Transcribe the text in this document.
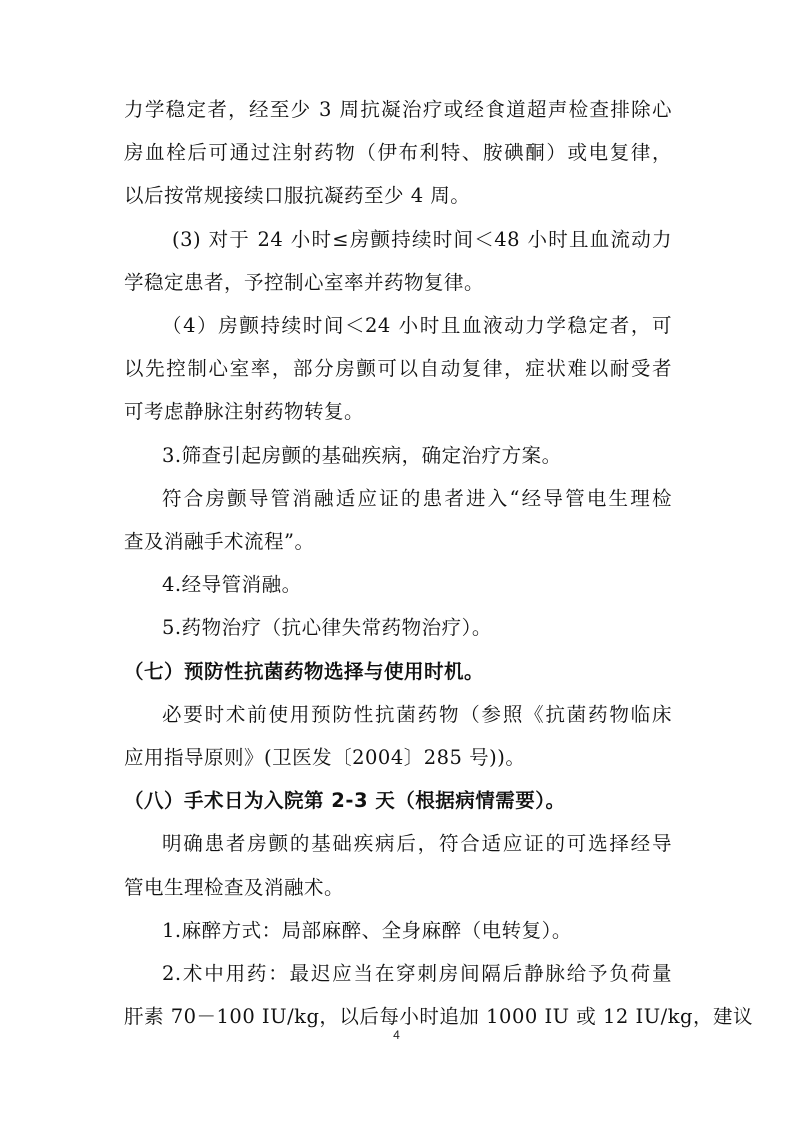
力学稳定者，经至少 3 周抗凝治疗或经食道超声检查排除心
房血栓后可通过注射药物（伊布利特、胺碘酮）或电复律，
以后按常规接续口服抗凝药至少 4 周。
(3) 对于 24 小时≤房颤持续时间＜48 小时且血流动力
学稳定患者，予控制心室率并药物复律。
（4）房颤持续时间＜24 小时且血液动力学稳定者，可
以先控制心室率，部分房颤可以自动复律，症状难以耐受者
可考虑静脉注射药物转复。
3.筛查引起房颤的基础疾病，确定治疗方案。
符合房颤导管消融适应证的患者进入“经导管电生理检
查及消融手术流程”。
4.经导管消融。
5.药物治疗（抗心律失常药物治疗）。
（七）预防性抗菌药物选择与使用时机。
必要时术前使用预防性抗菌药物（参照《抗菌药物临床
应用指导原则》(卫医发〔2004〕285 号))。
（八）手术日为入院第 2-3 天（根据病情需要）。
明确患者房颤的基础疾病后，符合适应证的可选择经导
管电生理检查及消融术。
1.麻醉方式：局部麻醉、全身麻醉（电转复）。
2.术中用药：最迟应当在穿刺房间隔后静脉给予负荷量
肝素 70－100 IU/kg，以后每小时追加 1000 IU 或 12 IU/kg，建议
4
